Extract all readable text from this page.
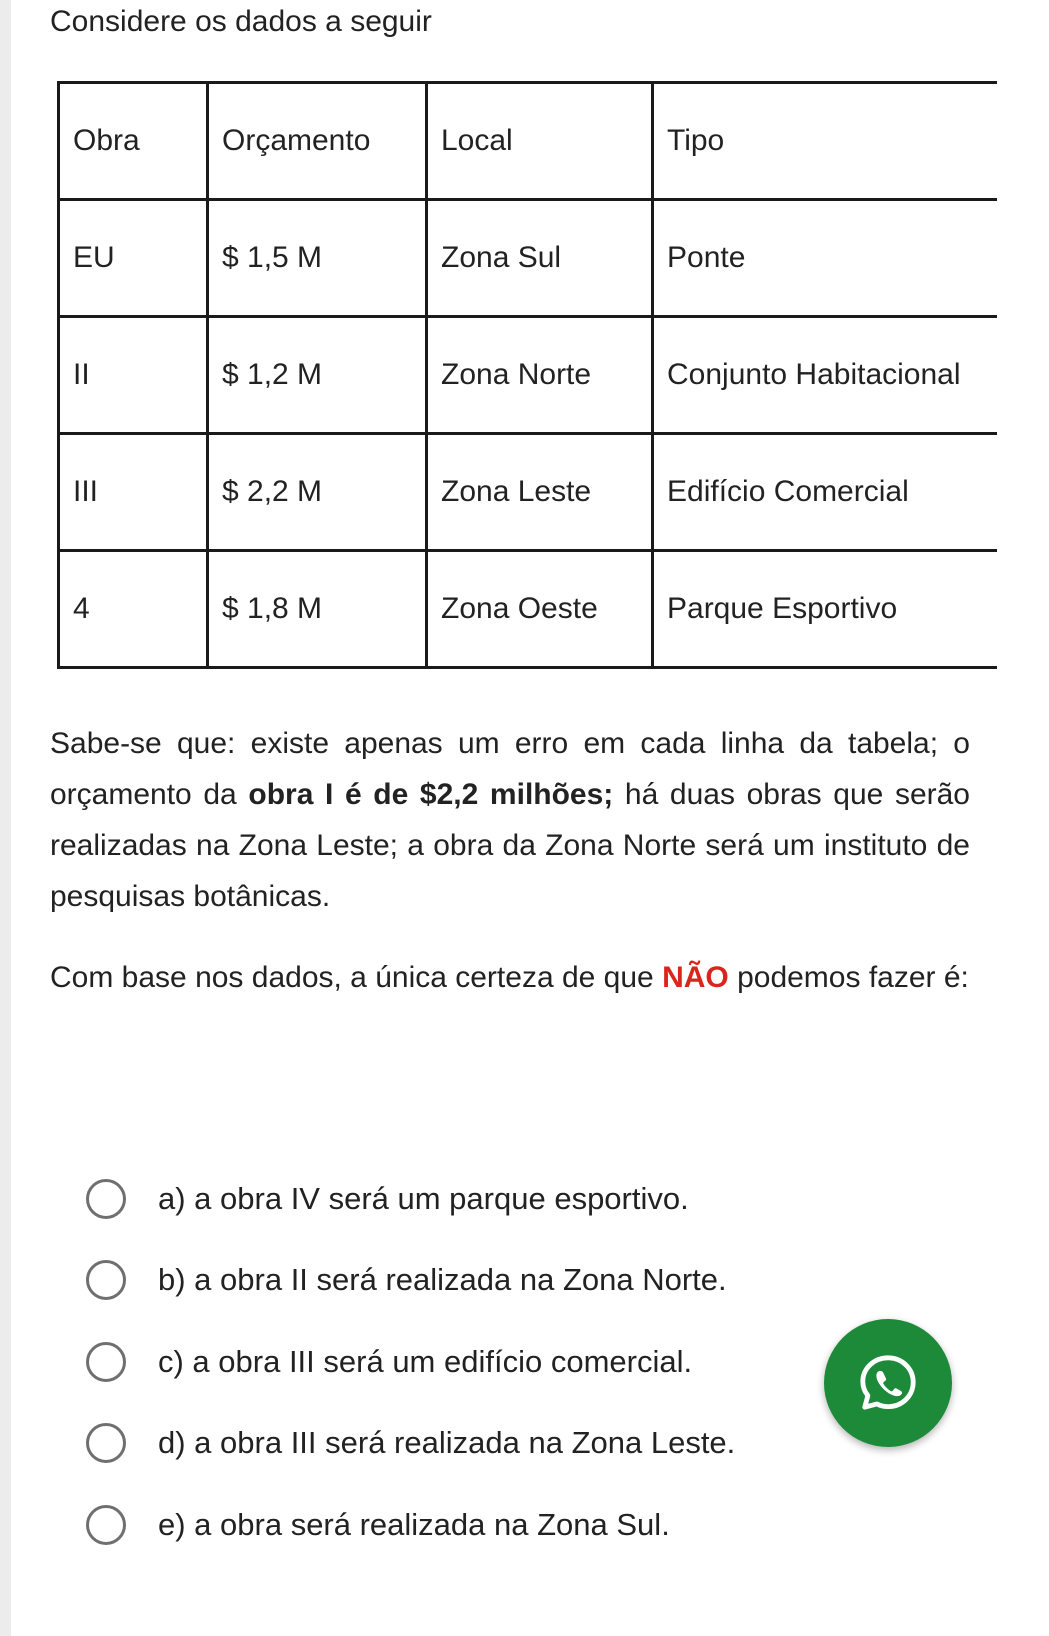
Considere os dados a seguir

Obra	Orçamento	Local	Tipo
EU	$ 1,5 M	Zona Sul	Ponte
II	$ 1,2 M	Zona Norte	Conjunto Habitacional
III	$ 2,2 M	Zona Leste	Edifício Comercial
4	$ 1,8 M	Zona Oeste	Parque Esportivo

Sabe-se que: existe apenas um erro em cada linha da tabela; o orçamento da obra I é de $2,2 milhões; há duas obras que serão realizadas na Zona Leste; a obra da Zona Norte será um instituto de pesquisas botânicas.

Com base nos dados, a única certeza de que NÃO podemos fazer é:

a) a obra IV será um parque esportivo.
b) a obra II será realizada na Zona Norte.
c) a obra III será um edifício comercial.
d) a obra III será realizada na Zona Leste.
e) a obra será realizada na Zona Sul.
